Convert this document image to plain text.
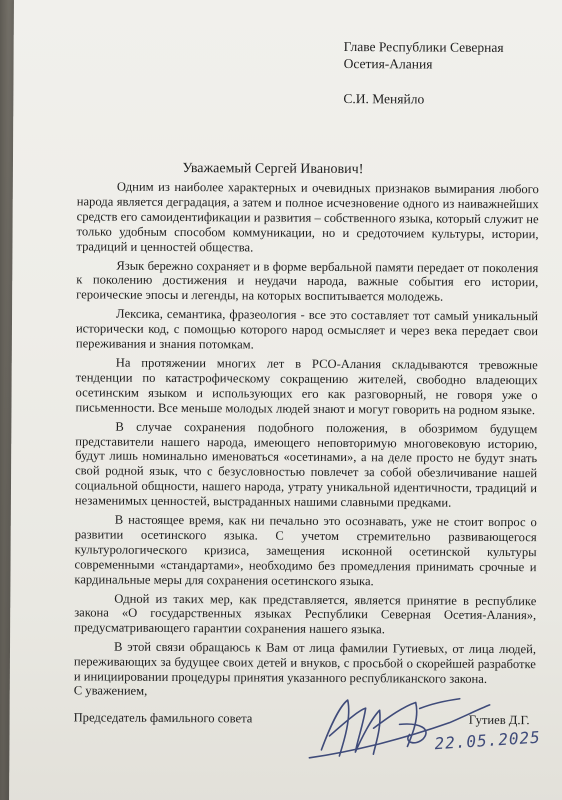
Главе Республики Северная
Осетия-Алания
С.И. Меняйло
Уважаемый Сергей Иванович!

Одним из наиболее характерных и очевидных признаков вымирания любого народа является деградация, а затем и полное исчезновение одного из наиважнейших средств его самоидентификации и развития – собственного языка, который служит не только удобным способом коммуникации, но и средоточием культуры, истории, традиций и ценностей общества.

Язык бережно сохраняет и в форме вербальной памяти передает от поколения к поколению достижения и неудачи народа, важные события его истории, героические эпосы и легенды, на которых воспитывается молодежь.

Лексика, семантика, фразеология - все это составляет тот самый уникальный исторически код, с помощью которого народ осмысляет и через века передает свои переживания и знания потомкам.

На протяжении многих лет в РСО-Алания складываются тревожные тенденции по катастрофическому сокращению жителей, свободно владеющих осетинским языком и использующих его как разговорный, не говоря уже о письменности. Все меньше молодых людей знают и могут говорить на родном языке.

В случае сохранения подобного положения, в обозримом будущем представители нашего народа, имеющего неповторимую многовековую историю, будут лишь номинально именоваться «осетинами», а на деле просто не будут знать свой родной язык, что с безусловностью повлечет за собой обезличивание нашей социальной общности, нашего народа, утрату уникальной идентичности, традиций и незаменимых ценностей, выстраданных нашими славными предками.

В настоящее время, как ни печально это осознавать, уже не стоит вопрос о развитии осетинского языка. С учетом стремительно развивающегося культурологического кризиса, замещения исконной осетинской культуры современными «стандартами», необходимо без промедления принимать срочные и кардинальные меры для сохранения осетинского языка.

Одной из таких мер, как представляется, является принятие в республике закона «О государственных языках Республики Северная Осетия-Алания», предусматривающего гарантии сохранения нашего языка.

В этой связи обращаюсь к Вам от лица фамилии Гутиевых, от лица людей, переживающих за будущее своих детей и внуков, с просьбой о скорейшей разработке и инициировании процедуры принятия указанного республиканского закона.

С уважением,
Председатель фамильного совета	Гутиев Д.Г.
22.05.2025
